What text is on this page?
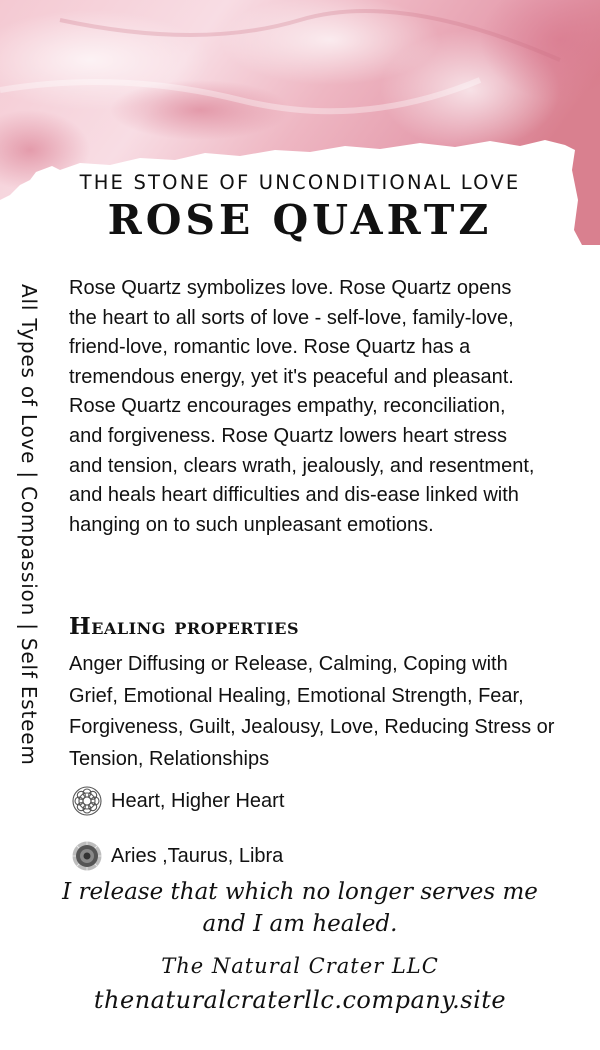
THE STONE OF UNCONDITIONAL LOVE
ROSE QUARTZ
All Types of Love | Compassion | Self Esteem Rose Quartz symbolizes love. Rose Quartz opens the heart to all sorts of love - self-love, family-love, friend-love, romantic love. Rose Quartz has a tremendous energy, yet it's peaceful and pleasant. Rose Quartz encourages empathy, reconciliation, and forgiveness. Rose Quartz lowers heart stress and tension, clears wrath, jealously, and resentment, and heals heart difficulties and dis-ease linked with hanging on to such unpleasant emotions.

Healing properties

Anger Diffusing or Release, Calming, Coping with Grief, Emotional Healing, Emotional Strength, Fear, Forgiveness, Guilt, Jealousy, Love, Reducing Stress or Tension, Relationships

Heart, Higher Heart
Aries ,Taurus, Libra

I release that which no longer serves me
and I am healed.

The Natural Crater LLC
thenaturalcraterllc.company.site
